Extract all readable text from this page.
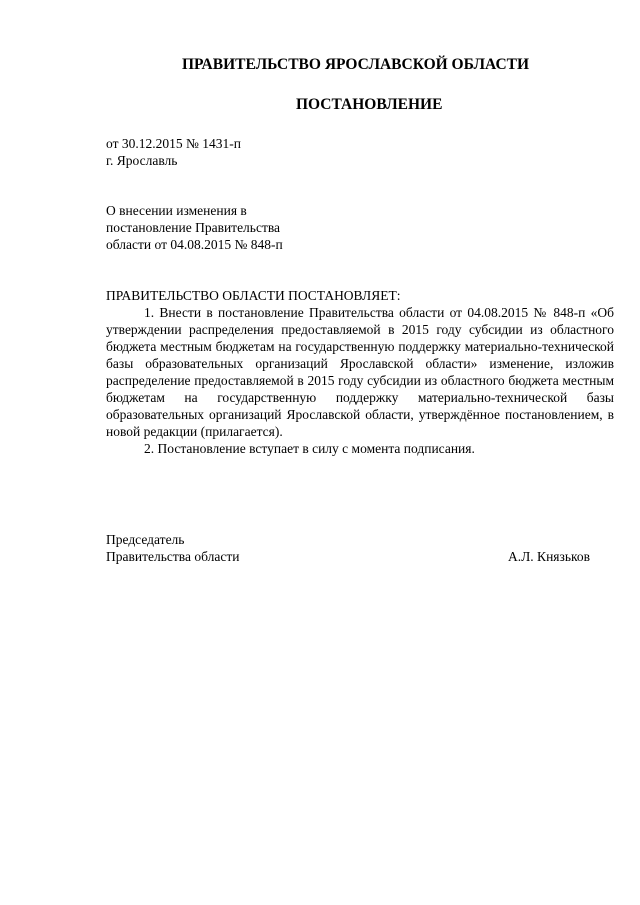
ПРАВИТЕЛЬСТВО ЯРОСЛАВСКОЙ ОБЛАСТИ
ПОСТАНОВЛЕНИЕ
от 30.12.2015 № 1431-п
г. Ярославль
О внесении изменения в
постановление Правительства
области от 04.08.2015 № 848-п

ПРАВИТЕЛЬСТВО ОБЛАСТИ ПОСТАНОВЛЯЕТ:

1. Внести в постановление Правительства области от 04.08.2015 № 848-п «Об утверждении распределения предоставляемой в 2015 году субсидии из областного бюджета местным бюджетам на государственную поддержку материально-технической базы образовательных организаций Ярославской области» изменение, изложив распределение предоставляемой в 2015 году субсидии из областного бюджета местным бюджетам на государственную поддержку материально-технической базы образовательных организаций Ярославской области, утверждённое постановлением, в новой редакции (прилагается).

2. Постановление вступает в силу с момента подписания.

Председатель
Правительства области	А.Л. Князьков
